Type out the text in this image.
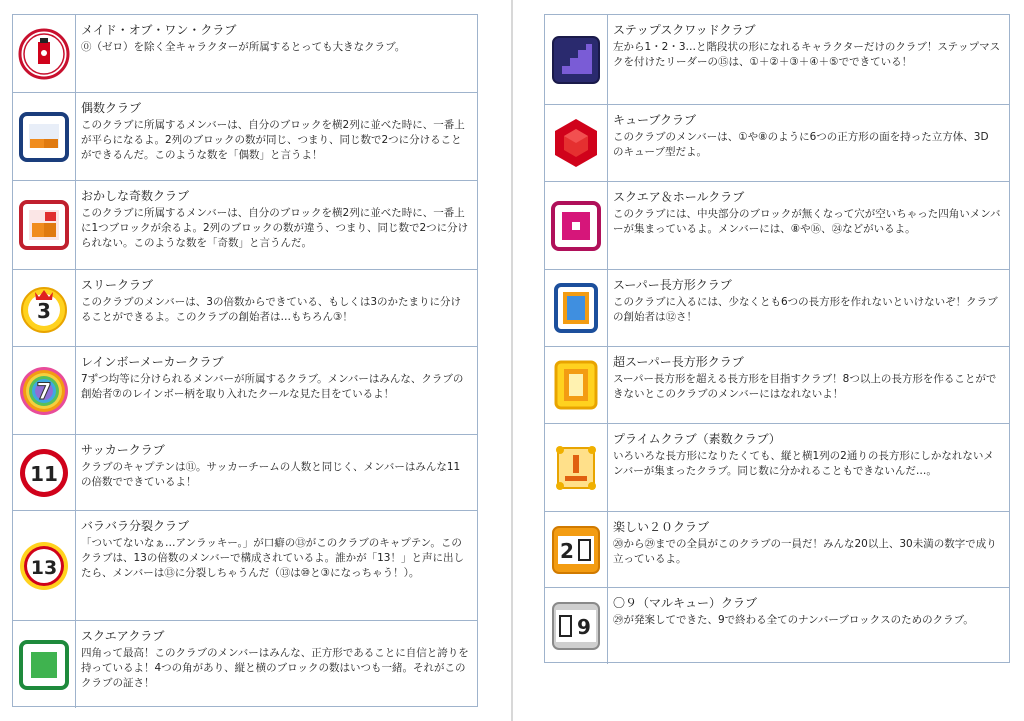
メイド・オブ・ワン・クラブ
⓪（ゼロ）を除く全キャラクターが所属するとっても大きなクラブ。
偶数クラブ
このクラブに所属するメンバーは、自分のブロックを横2列に並べた時に、一番上が平らになるよ。2列のブロックの数が同じ、つまり、同じ数で2つに分けることができるんだ。このような数を「偶数」と言うよ！
おかしな奇数クラブ
このクラブに所属するメンバーは、自分のブロックを横2列に並べた時に、一番上に1つブロックが余るよ。2列のブロックの数が違う、つまり、同じ数で2つに分けられない。このような数を「奇数」と言うんだ。
3
スリークラブ
このクラブのメンバーは、3の倍数からできている、もしくは3のかたまりに分けることができるよ。このクラブの創始者は…もちろん③！
7
レインボーメーカークラブ
7ずつ均等に分けられるメンバーが所属するクラブ。メンバーはみんな、クラブの創始者⑦のレインボー柄を取り入れたクールな見た目をているよ！
11
サッカークラブ
クラブのキャプテンは⑪。サッカーチームの人数と同じく、メンバーはみんな11の倍数でできているよ！
13
バラバラ分裂クラブ
「ついてないなぁ…アンラッキー。」が口癖の⑬がこのクラブのキャプテン。このクラブは、13の倍数のメンバーで構成されているよ。誰かが「13！」と声に出したら、メンバーは⑬に分裂しちゃうんだ（⑬は⑩と③になっちゃう！）。
スクエアクラブ
四角って最高！このクラブのメンバーはみんな、正方形であることに自信と誇りを持っているよ！4つの角があり、縦と横のブロックの数はいつも一緒。それがこのクラブの証さ！
ステップスクワッドクラブ
左から1・2・3…と階段状の形になれるキャラクターだけのクラブ！ステップマスクを付けたリーダーの⑮は、①＋②＋③＋④＋⑤でできている！
キューブクラブ
このクラブのメンバーは、①や⑧のように6つの正方形の面を持った立方体、3D のキューブ型だよ。
スクエア＆ホールクラブ
このクラブには、中央部分のブロックが無くなって穴が空いちゃった四角いメンバーが集まっているよ。メンバーには、⑧や⑯、㉔などがいるよ。
スーパー長方形クラブ
このクラブに入るには、少なくとも6つの長方形を作れないといけないぞ！クラブの創始者は⑫さ！
超スーパー長方形クラブ
スーパー長方形を超える長方形を目指すクラブ！8つ以上の長方形を作ることができないとこのクラブのメンバーにはなれないよ！
プライムクラブ（素数クラブ）
いろいろな長方形になりたくても、縦と横1列の2通りの長方形にしかなれないメンバーが集まったクラブ。同じ数に分かれることもできないんだ…。
2
楽しい２０クラブ
⑳から㉙までの全員がこのクラブの一員だ！みんな20以上、30未満の数字で成り立っているよ。
9
〇９（マルキュー）クラブ
㉙が発案してできた、9で終わる全てのナンバーブロックスのためのクラブ。
